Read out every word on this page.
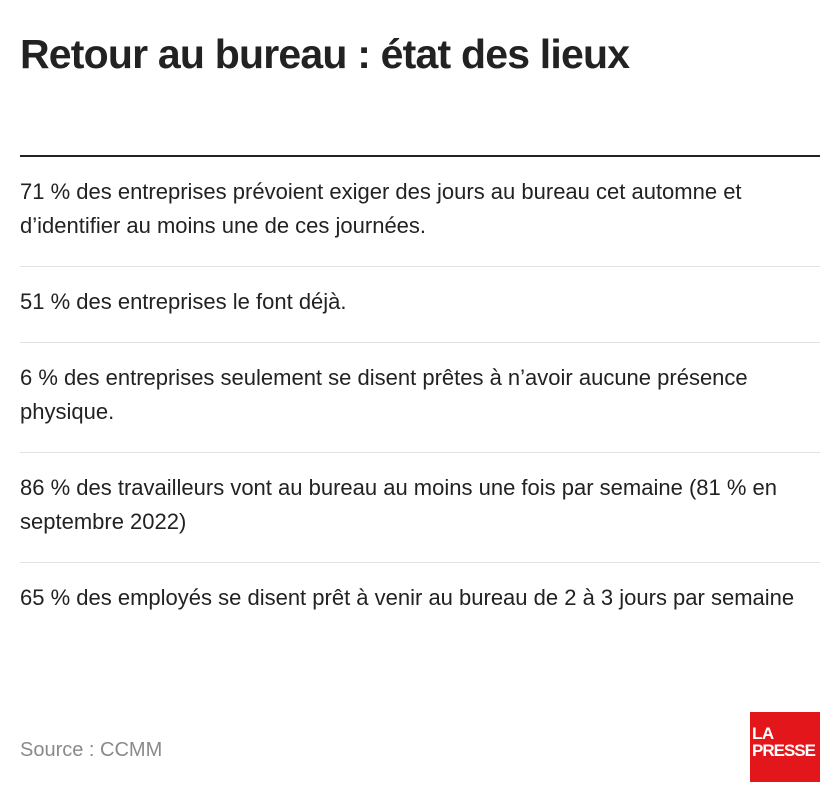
Retour au bureau : état des lieux
71 % des entreprises prévoient exiger des jours au bureau cet automne et d’identifier au moins une de ces journées.
51 % des entreprises le font déjà.
6 % des entreprises seulement se disent prêtes à n’avoir aucune présence physique.
86 % des travailleurs vont au bureau au moins une fois par semaine (81 % en septembre 2022)
65 % des employés se disent prêt à venir au bureau de 2 à 3 jours par semaine
Source : CCMM
LA
PRESSE
